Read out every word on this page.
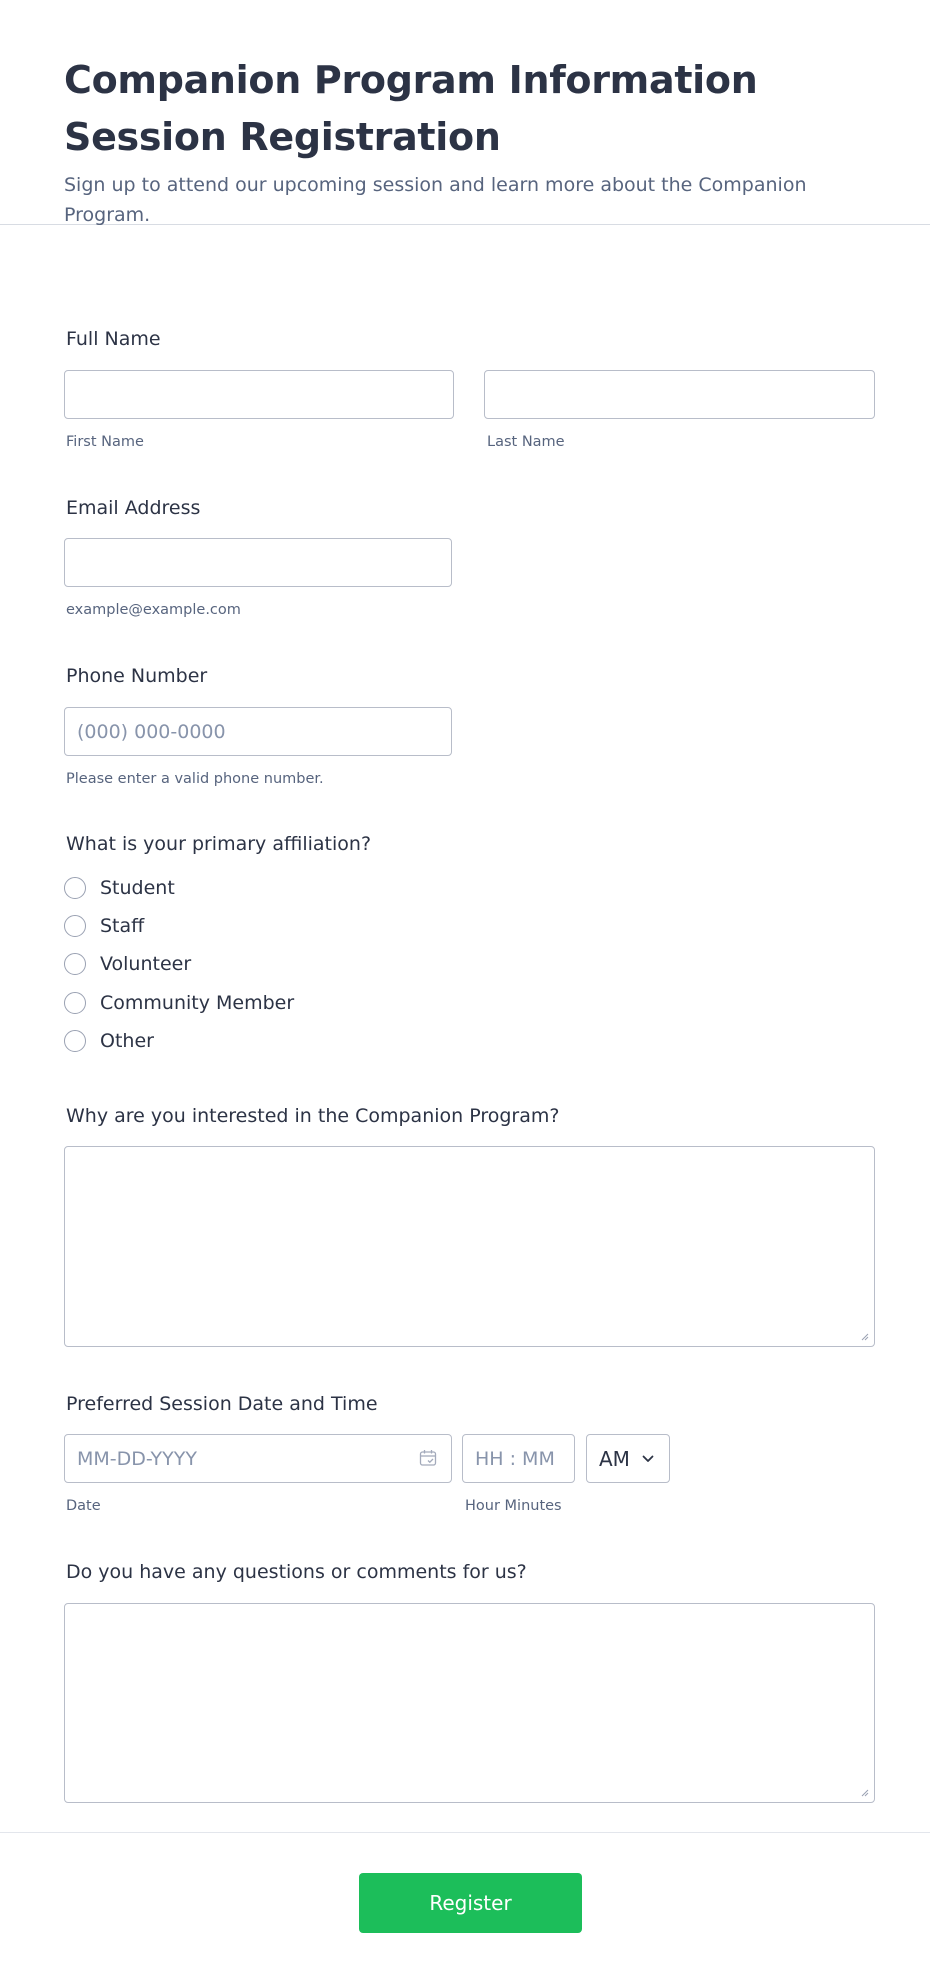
Companion Program Information Session Registration

Sign up to attend our upcoming session and learn more about the Companion Program.

Full Name
First Name	Last Name
Email Address
example@example.com
Phone Number
(000) 000-0000
Please enter a valid phone number.
What is your primary affiliation?
Student
Staff
Volunteer
Community Member
Other
Why are you interested in the Companion Program?
Preferred Session Date and Time
MM-DD-YYYY
HH : MM
AM
Date	Hour Minutes
Do you have any questions or comments for us?
Register
